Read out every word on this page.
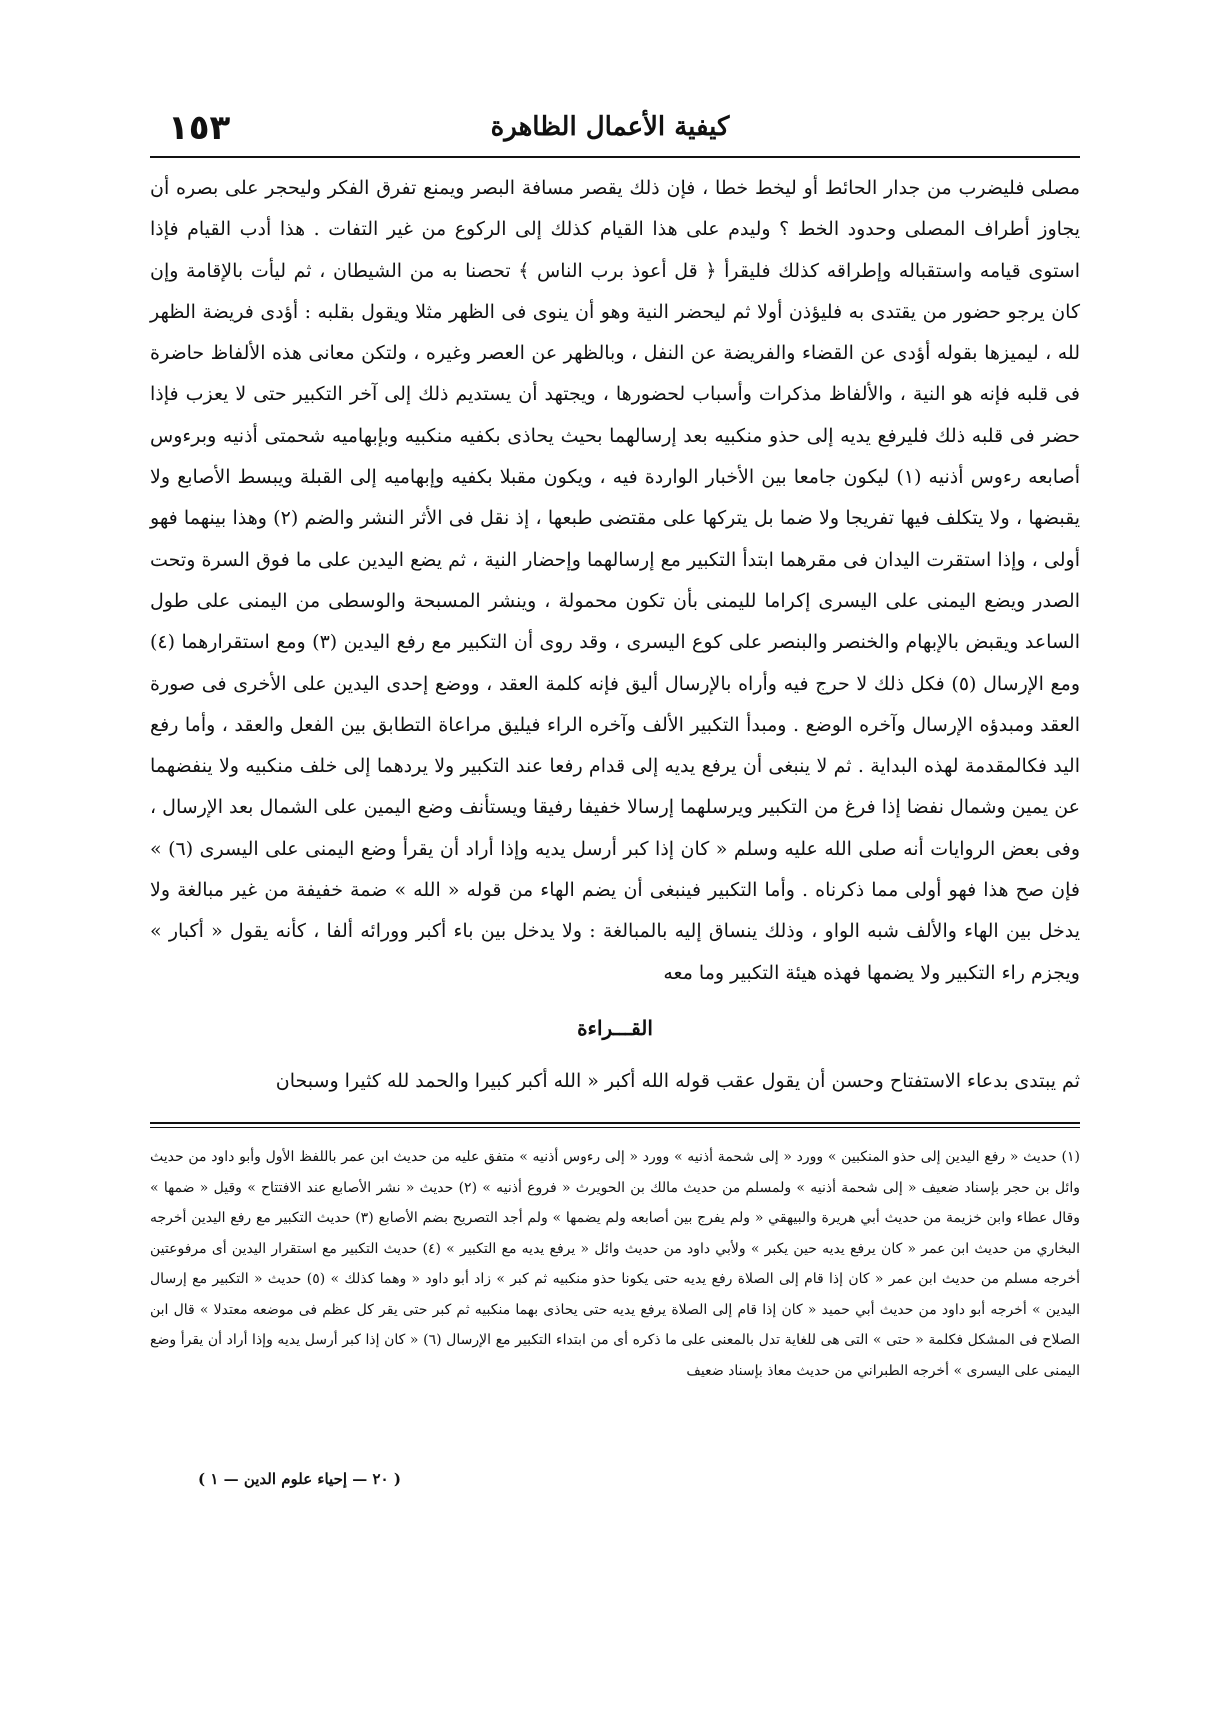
١٥٣	كيفية الأعمال الظاهرة

مصلى فليضرب من جدار الحائط أو ليخط خطا ، فإن ذلك يقصر مسافة البصر ويمنع تفرق الفكر وليحجر على بصره أن يجاوز أطراف المصلى وحدود الخط ؟ وليدم على هذا القيام كذلك إلى الركوع من غير التفات . هذا أدب القيام فإذا استوى قيامه واستقباله وإطراقه كذلك فليقرأ ﴿ قل أعوذ برب الناس ﴾ تحصنا به من الشيطان ، ثم ليأت بالإقامة وإن كان يرجو حضور من يقتدى به فليؤذن أولا ثم ليحضر النية وهو أن ينوى فى الظهر مثلا ويقول بقلبه : أؤدى فريضة الظهر لله ، ليميزها بقوله أؤدى عن القضاء والفريضة عن النفل ، وبالظهر عن العصر وغيره ، ولتكن معانى هذه الألفاظ حاضرة فى قلبه فإنه هو النية ، والألفاظ مذكرات وأسباب لحضورها ، ويجتهد أن يستديم ذلك إلى آخر التكبير حتى لا يعزب فإذا حضر فى قلبه ذلك فليرفع يديه إلى حذو منكبيه بعد إرسالهما بحيث يحاذى بكفيه منكبيه وبإبهاميه شحمتى أذنيه وبرءوس أصابعه رءوس أذنيه (١) ليكون جامعا بين الأخبار الواردة فيه ، ويكون مقبلا بكفيه وإبهاميه إلى القبلة ويبسط الأصابع ولا يقبضها ، ولا يتكلف فيها تفريجا ولا ضما بل يتركها على مقتضى طبعها ، إذ نقل فى الأثر النشر والضم (٢) وهذا بينهما فهو أولى ، وإذا استقرت اليدان فى مقرهما ابتدأ التكبير مع إرسالهما وإحضار النية ، ثم يضع اليدين على ما فوق السرة وتحت الصدر ويضع اليمنى على اليسرى إكراما لليمنى بأن تكون محمولة ، وينشر المسبحة والوسطى من اليمنى على طول الساعد ويقبض بالإبهام والخنصر والبنصر على كوع اليسرى ، وقد روى أن التكبير مع رفع اليدين (٣) ومع استقرارهما (٤) ومع الإرسال (٥) فكل ذلك لا حرج فيه وأراه بالإرسال أليق فإنه كلمة العقد ، ووضع إحدى اليدين على الأخرى فى صورة العقد ومبدؤه الإرسال وآخره الوضع . ومبدأ التكبير الألف وآخره الراء فيليق مراعاة التطابق بين الفعل والعقد ، وأما رفع اليد فكالمقدمة لهذه البداية . ثم لا ينبغى أن يرفع يديه إلى قدام رفعا عند التكبير ولا يردهما إلى خلف منكبيه ولا ينفضهما عن يمين وشمال نفضا إذا فرغ من التكبير ويرسلهما إرسالا خفيفا رفيقا ويستأنف وضع اليمين على الشمال بعد الإرسال ، وفى بعض الروايات أنه صلى الله عليه وسلم « كان إذا كبر أرسل يديه وإذا أراد أن يقرأ وضع اليمنى على اليسرى (٦) » فإن صح هذا فهو أولى مما ذكرناه . وأما التكبير فينبغى أن يضم الهاء من قوله « الله » ضمة خفيفة من غير مبالغة ولا يدخل بين الهاء والألف شبه الواو ، وذلك ينساق إليه بالمبالغة : ولا يدخل بين باء أكبر وورائه ألفا ، كأنه يقول « أكبار » ويجزم راء التكبير ولا يضمها فهذه هيئة التكبير وما معه

القـــراءة
ثم يبتدى بدعاء الاستفتاح وحسن أن يقول عقب قوله الله أكبر « الله أكبر كبيرا والحمد لله كثيرا وسبحان

(١) حديث « رفع اليدين إلى حذو المنكبين » وورد « إلى شحمة أذنيه » وورد « إلى رءوس أذنيه » متفق عليه من حديث ابن عمر باللفظ الأول وأبو داود من حديث وائل بن حجر بإسناد ضعيف « إلى شحمة أذنيه » ولمسلم من حديث مالك بن الحويرث « فروع أذنيه » (٢) حديث « نشر الأصابع عند الافتتاح » وقيل « ضمها » وقال عطاء وابن خزيمة من حديث أبي هريرة والبيهقي « ولم يفرج بين أصابعه ولم يضمها » ولم أجد التصريح بضم الأصابع (٣) حديث التكبير مع رفع اليدين أخرجه البخاري من حديث ابن عمر « كان يرفع يديه حين يكبر » ولأبي داود من حديث وائل « يرفع يديه مع التكبير » (٤) حديث التكبير مع استقرار اليدين أى مرفوعتين أخرجه مسلم من حديث ابن عمر « كان إذا قام إلى الصلاة رفع يديه حتى يكونا حذو منكبيه ثم كبر » زاد أبو داود « وهما كذلك » (٥) حديث « التكبير مع إرسال اليدين » أخرجه أبو داود من حديث أبي حميد « كان إذا قام إلى الصلاة يرفع يديه حتى يحاذى بهما منكبيه ثم كبر حتى يقر كل عظم فى موضعه معتدلا » قال ابن الصلاح فى المشكل فكلمة « حتى » التى هى للغاية تدل بالمعنى على ما ذكره أى من ابتداء التكبير مع الإرسال (٦) « كان إذا كبر أرسل يديه وإذا أراد أن يقرأ وضع اليمنى على اليسرى » أخرجه الطبراني من حديث معاذ بإسناد ضعيف

( ٢٠ — إحياء علوم الدين — ١ )
